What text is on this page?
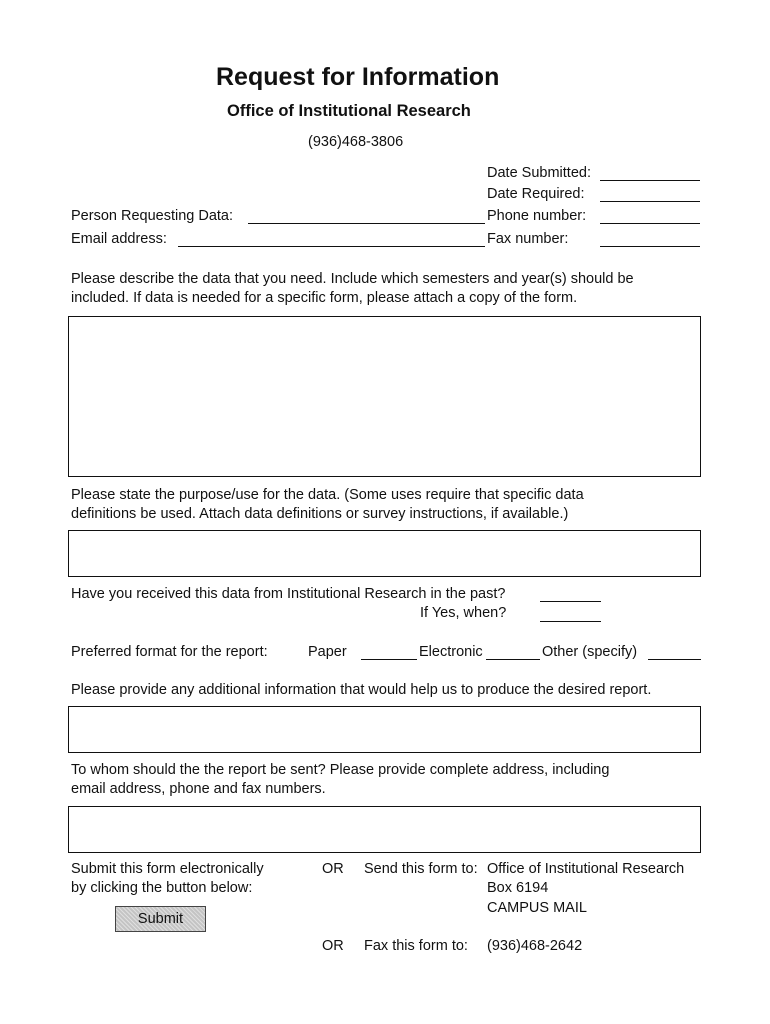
Request for Information
Office of Institutional Research
(936)468-3806
Date Submitted:
Date Required:
Person Requesting Data:	Phone number:
Email address:	Fax number:
Please describe the data that you need. Include which semesters and year(s) should be
included. If data is needed for a specific form, please attach a copy of the form.
Please state the purpose/use for the data. (Some uses require that specific data
definitions be used. Attach data definitions or survey instructions, if available.)
Have you received this data from Institutional Research in the past?
If Yes, when?
Preferred format for the report:	Paper	Electronic	Other (specify)
Please provide any additional information that would help us to produce the desired report.
To whom should the the report be sent? Please provide complete address, including
email address, phone and fax numbers.
Submit this form electronically
by clicking the button below:
Submit
OR Send this form to: Office of Institutional Research
Box 6194
CAMPUS MAIL
OR Fax this form to: (936)468-2642
